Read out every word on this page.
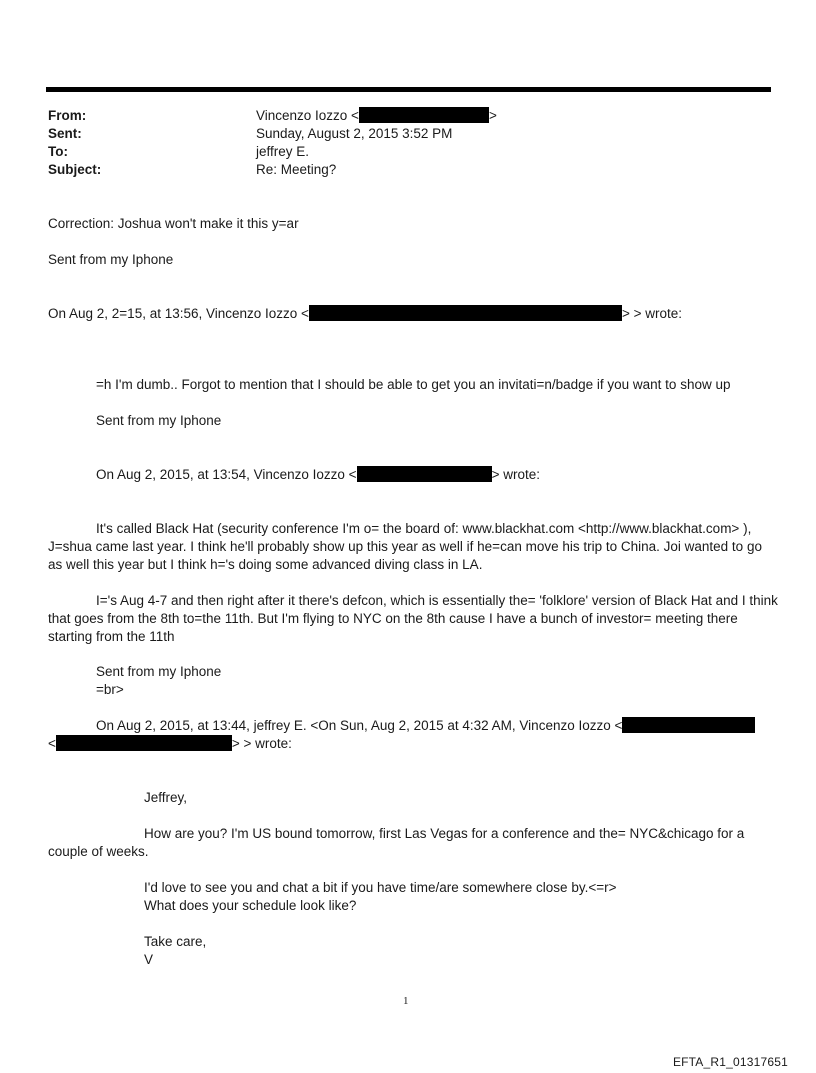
From:	Vincenzo Iozzo <	>
Sent:	Sunday, August 2, 2015 3:52 PM
To:	jeffrey E.
Subject:	Re: Meeting?
Correction: Joshua won't make it this y=ar
Sent from my Iphone
On Aug 2, 2=15, at 13:56, Vincenzo Iozzo <	> > wrote:
=h I'm dumb.. Forgot to mention that I should be able to get you an invitati=n/badge if you want to show up
Sent from my Iphone
On Aug 2, 2015, at 13:54, Vincenzo Iozzo <	> wrote:
It's called Black Hat (security conference I'm o= the board of: www.blackhat.com <http://www.blackhat.com> ), J=shua came last year. I think he'll probably show up this year as well if he=can move his trip to China. Joi wanted to go as well this year but I think h='s doing some advanced diving class in LA.
I='s Aug 4-7 and then right after it there's defcon, which is essentially the= 'folklore' version of Black Hat and I think that goes from the 8th to=the 11th. But I'm flying to NYC on the 8th cause I have a bunch of investor= meeting there starting from the 11th
Sent from my Iphone
=br>
On Aug 2, 2015, at 13:44, jeffrey E. <On Sun, Aug 2, 2015 at 4:32 AM, Vincenzo Iozzo <
<	> > wrote:
Jeffrey,
How are you? I'm US bound tomorrow, first Las Vegas for a conference and the= NYC&chicago for a couple of weeks.
I'd love to see you and chat a bit if you have time/are somewhere close by.<=r>
What does your schedule look like?
Take care,
V
1
EFTA_R1_01317651
